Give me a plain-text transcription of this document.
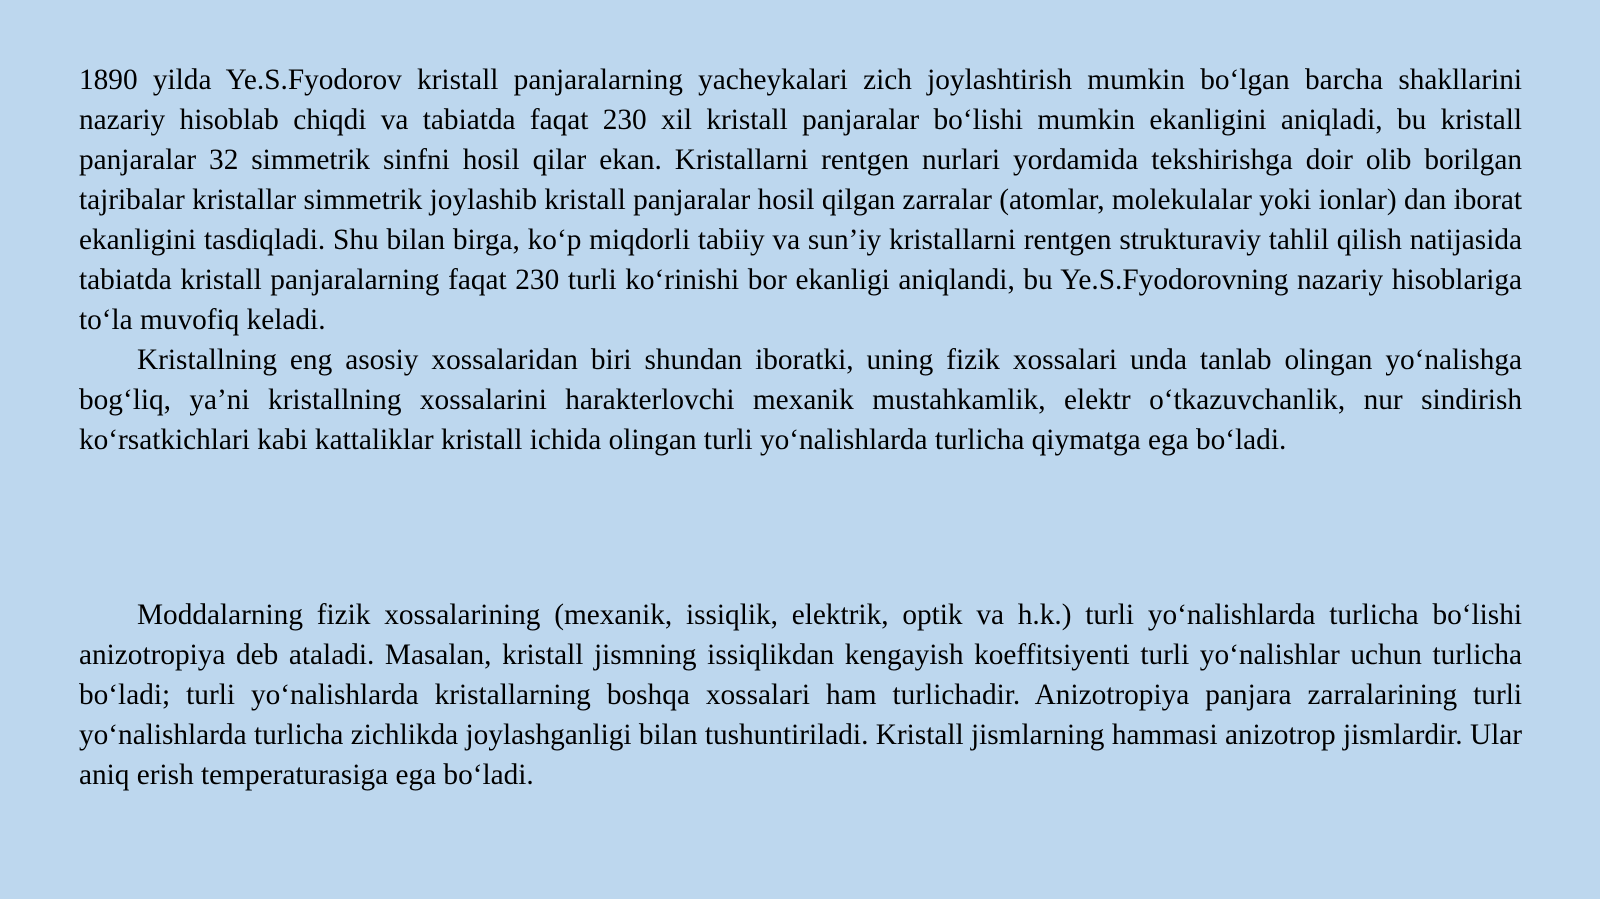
1890 yilda Ye.S.Fyodorov kristall panjaralarning yacheykalari zich joylashtirish mumkin bo‘lgan barcha shakllarini nazariy hisoblab chiqdi va tabiatda faqat 230 xil kristall panjaralar bo‘lishi mumkin ekanligini aniqladi, bu kristall panjaralar 32 simmetrik sinfni hosil qilar ekan. Kristallarni rentgen nurlari yordamida tekshirishga doir olib borilgan tajribalar kristallar simmetrik joylashib kristall panjaralar hosil qilgan zarralar (atomlar, molekulalar yoki ionlar) dan iborat ekanligini tasdiqladi. Shu bilan birga, ko‘p miqdorli tabiiy va sun’iy kristallarni rentgen strukturaviy tahlil qilish natijasida tabiatda kristall panjaralarning faqat 230 turli ko‘rinishi bor ekanligi aniqlandi, bu Ye.S.Fyodorovning nazariy hisoblariga to‘la muvofiq keladi.

Kristallning eng asosiy xossalaridan biri shundan iboratki, uning fizik xossalari unda tanlab olingan yo‘nalishga bog‘liq, ya’ni kristallning xossalarini harakterlovchi mexanik mustahkamlik, elektr o‘tkazuvchanlik, nur sindirish ko‘rsatkichlari kabi kattaliklar kristall ichida olingan turli yo‘nalishlarda turlicha qiymatga ega bo‘ladi.

Moddalarning fizik xossalarining (mexanik, issiqlik, elektrik, optik va h.k.) turli yo‘nalishlarda turlicha bo‘lishi anizotropiya deb ataladi. Masalan, kristall jismning issiqlikdan kengayish koeffitsiyenti turli yo‘nalishlar uchun turlicha bo‘ladi; turli yo‘nalishlarda kristallarning boshqa xossalari ham turlichadir. Anizotropiya panjara zarralarining turli yo‘nalishlarda turlicha zichlikda joylashganligi bilan tushuntiriladi. Kristall jismlarning hammasi anizotrop jismlardir. Ular aniq erish temperaturasiga ega bo‘ladi.
